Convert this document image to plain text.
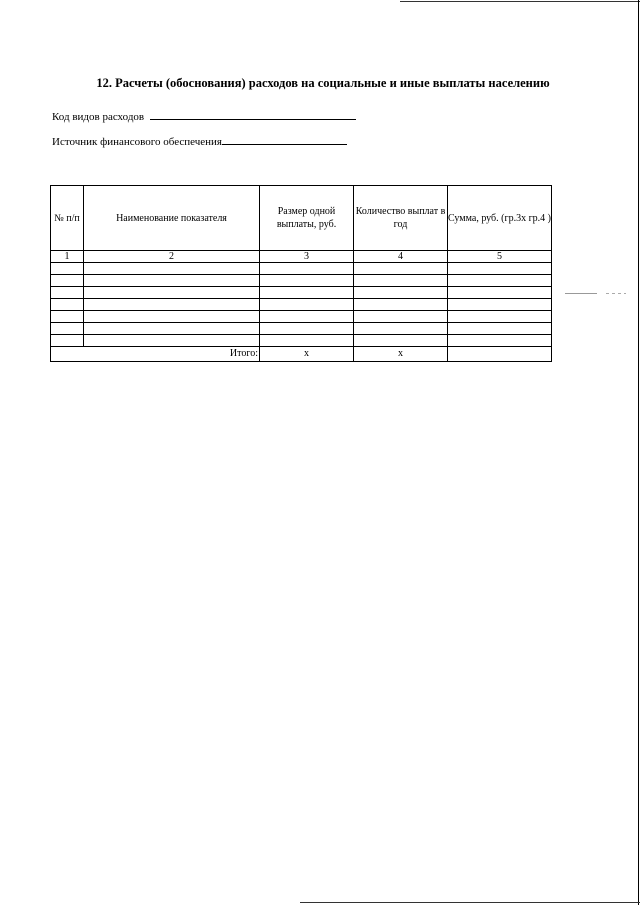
12. Расчеты (обоснования) расходов на социальные и иные выплаты населению
Код видов расходов
Источник финансового обеспечения
№ п/п	Наименование показателя	Размер одной выплаты, руб.	Количество выплат в год	Сумма, руб. (гр.3х гр.4 )
1	2	3	4	5

Итого:		х	х	
